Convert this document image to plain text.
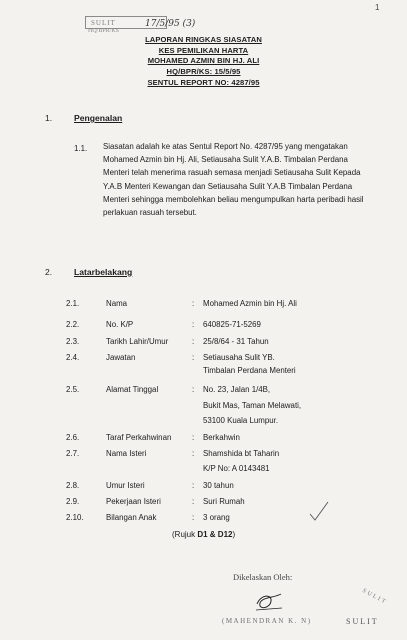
SULIT
HQ/BPR/KS
17/5/95 (3)
1
LAPORAN RINGKAS SIASATAN
KES PEMILIKAN HARTA
MOHAMED AZMIN BIN HJ. ALI
HQ/BPR/KS: 15/5/95
SENTUL REPORT NO: 4287/95
1.	Pengenalan
1.1. Siasatan adalah ke atas Sentul Report No. 4287/95 yang mengatakan Mohamed Azmin bin Hj. Ali, Setiausaha Sulit Y.A.B. Timbalan Perdana Menteri telah menerima rasuah semasa menjadi Setiausaha Sulit Kepada Y.A.B Menteri Kewangan dan Setiausaha Sulit Y.A.B Timbalan Perdana Menteri sehingga membolehkan beliau mengumpulkan harta peribadi hasil perlakuan rasuah tersebut.
2.	Latarbelakang
2.1.	Nama	: Mohamed Azmin bin Hj. Ali
2.2.	No. K/P	: 640825-71-5269
2.3.	Tarikh Lahir/Umur	: 25/8/64 - 31 Tahun
2.4.	Jawatan	: Setiausaha Sulit YB.
Timbalan Perdana Menteri
2.5.	Alamat Tinggal	: No. 23, Jalan 1/4B,
Bukit Mas, Taman Melawati,
53100 Kuala Lumpur.
2.6.	Taraf Perkahwinan	: Berkahwin
2.7.	Nama Isteri	: Shamshida bt Taharin
K/P No: A 0143481
2.8.	Umur Isteri	: 30 tahun
2.9.	Pekerjaan Isteri	: Suri Rumah
2.10.	Bilangan Anak	: 3 orang
(Rujuk D1 & D12)
Dikelaskan Oleh:
(MAHENDRAN K. N)	SULIT
SULIT
